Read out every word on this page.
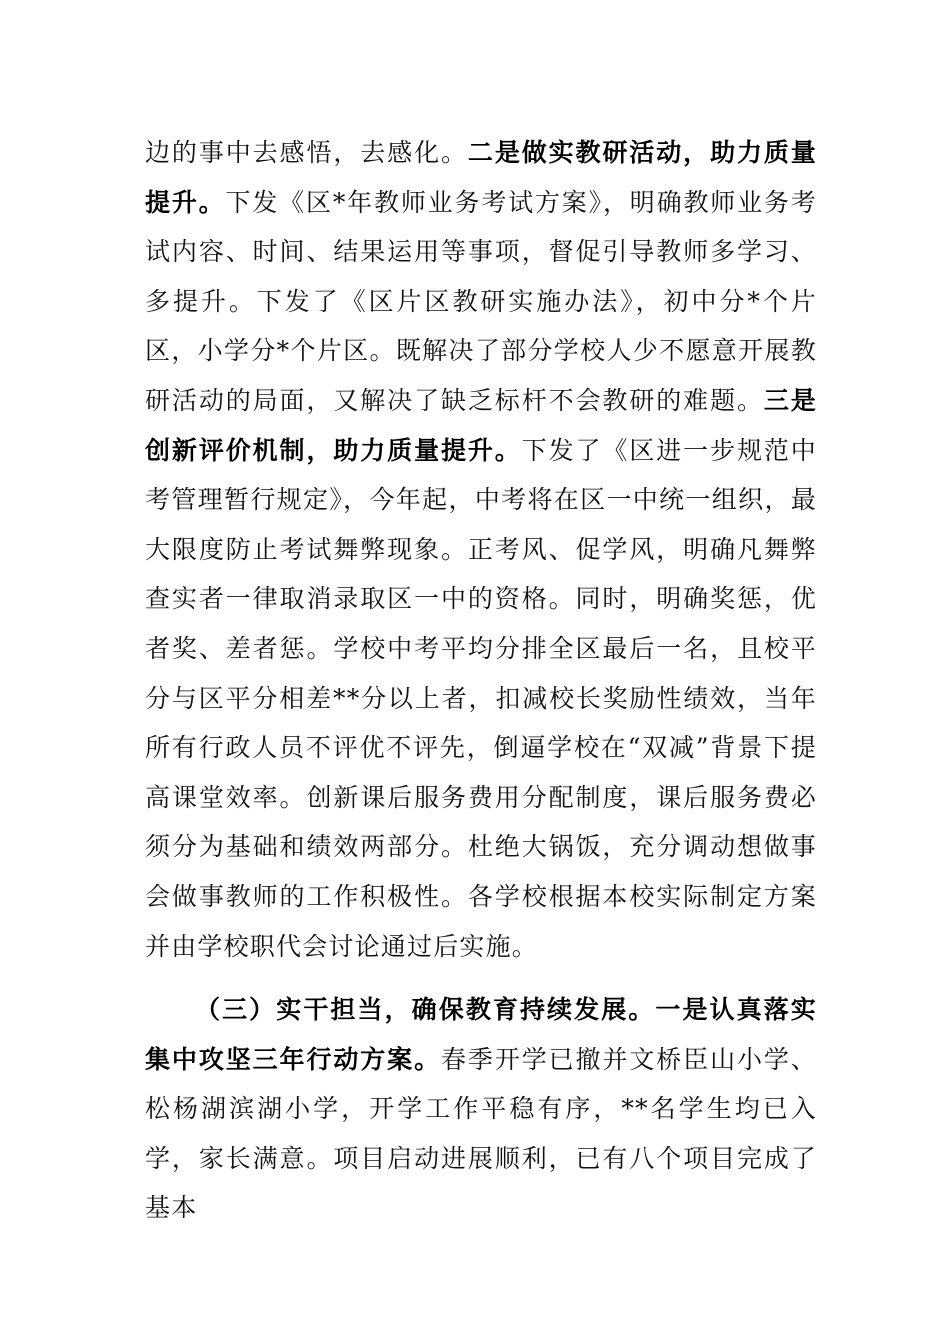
边的事中去感悟，去感化。二是做实教研活动，助力质量提升。下发《区*年教师业务考试方案》，明确教师业务考试内容、时间、结果运用等事项，督促引导教师多学习、多提升。下发了《区片区教研实施办法》，初中分*个片区，小学分*个片区。既解决了部分学校人少不愿意开展教研活动的局面，又解决了缺乏标杆不会教研的难题。三是创新评价机制，助力质量提升。下发了《区进一步规范中考管理暂行规定》，今年起，中考将在区一中统一组织，最大限度防止考试舞弊现象。正考风、促学风，明确凡舞弊查实者一律取消录取区一中的资格。同时，明确奖惩，优者奖、差者惩。学校中考平均分排全区最后一名，且校平分与区平分相差**分以上者，扣减校长奖励性绩效，当年所有行政人员不评优不评先，倒逼学校在“双减”背景下提高课堂效率。创新课后服务费用分配制度，课后服务费必须分为基础和绩效两部分。杜绝大锅饭，充分调动想做事会做事教师的工作积极性。各学校根据本校实际制定方案并由学校职代会讨论通过后实施。

（三）实干担当，确保教育持续发展。一是认真落实集中攻坚三年行动方案。春季开学已撤并文桥臣山小学、松杨湖滨湖小学，开学工作平稳有序，**名学生均已入学，家长满意。项目启动进展顺利，已有八个项目完成了基本
